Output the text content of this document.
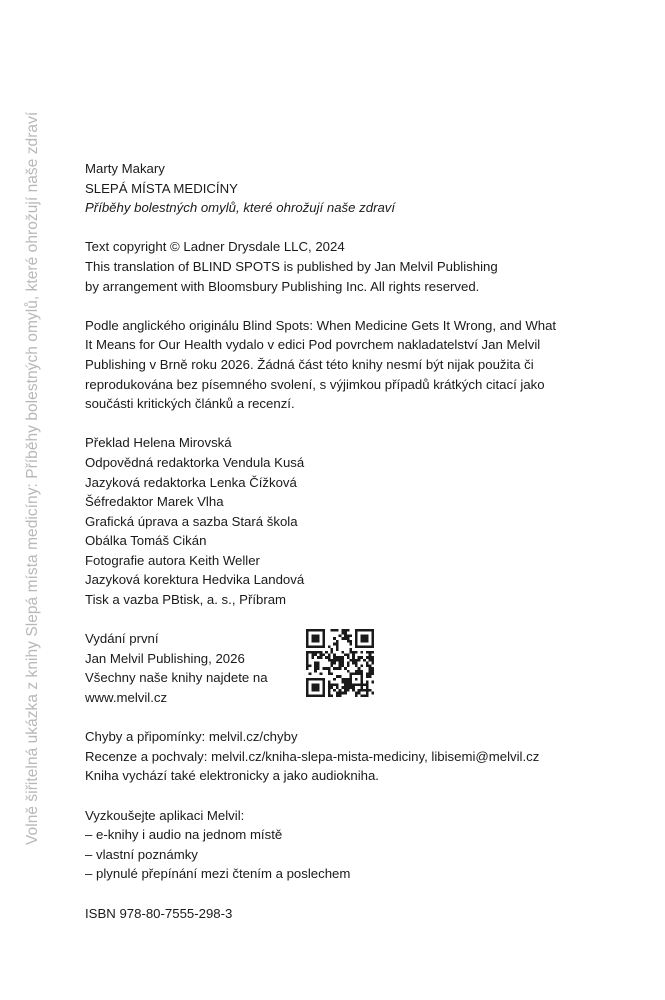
Volně šiřitelná ukázka z knihy Slepá místa medicíny: Příběhy bolestných omylů, které ohrožují naše zdraví	Marty Makary
SLEPÁ MÍSTA MEDICÍNY
Příběhy bolestných omylů, které ohrožují naše zdraví
Text copyright © Ladner Drysdale LLC, 2024
This translation of BLIND SPOTS is published by Jan Melvil Publishing
by arrangement with Bloomsbury Publishing Inc. All rights reserved.
Podle anglického originálu Blind Spots: When Medicine Gets It Wrong, and What
It Means for Our Health vydalo v edici Pod povrchem nakladatelství Jan Melvil
Publishing v Brně roku 2026. Žádná část této knihy nesmí být nijak použita či
reprodukována bez písemného svolení, s výjimkou případů krátkých citací jako
součásti kritických článků a recenzí.
Překlad Helena Mirovská
Odpovědná redaktorka Vendula Kusá
Jazyková redaktorka Lenka Čížková
Šéfredaktor Marek Vlha
Grafická úprava a sazba Stará škola
Obálka Tomáš Cikán
Fotografie autora Keith Weller
Jazyková korektura Hedvika Landová
Tisk a vazba PBtisk, a. s., Příbram
Vydání první
Jan Melvil Publishing, 2026
Všechny naše knihy najdete na
www.melvil.cz
Chyby a připomínky: melvil.cz/chyby
Recenze a pochvaly: melvil.cz/kniha-slepa-mista-mediciny, libisemi@melvil.cz
Kniha vychází také elektronicky a jako audiokniha.
Vyzkoušejte aplikaci Melvil:
– e-knihy i audio na jednom místě
– vlastní poznámky
– plynulé přepínání mezi čtením a poslechem
ISBN 978-80-7555-298-3
